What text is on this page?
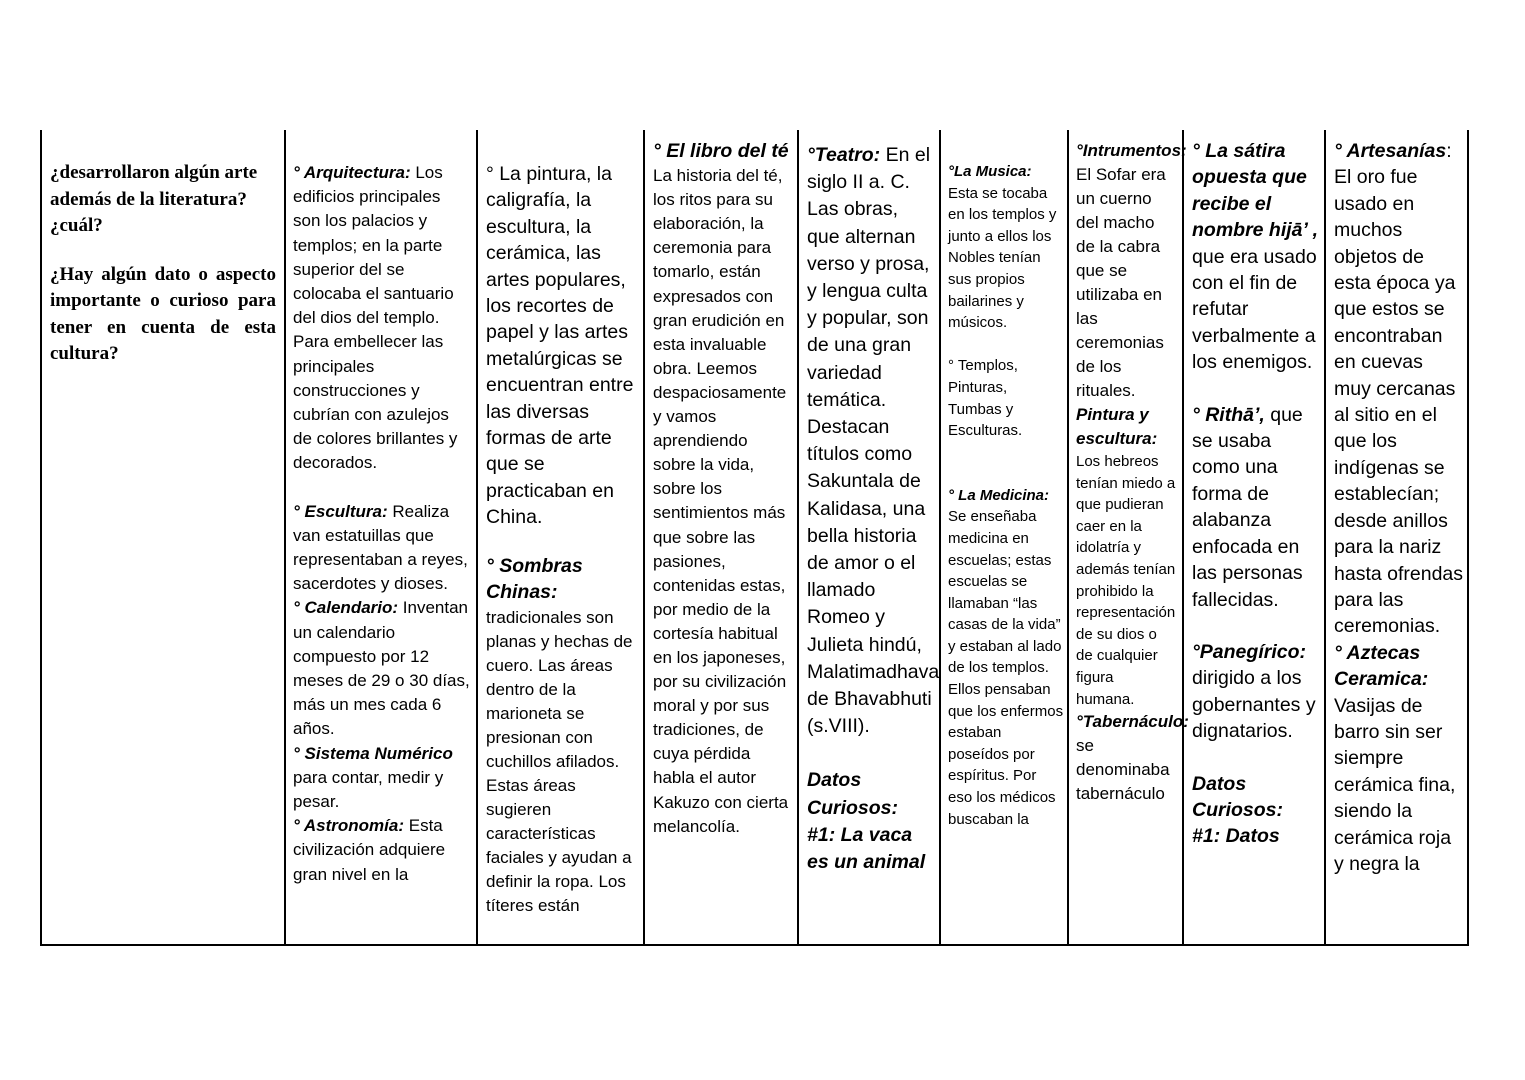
¿desarrollaron algún arte además de la literatura? ¿cuál?

¿Hay algún dato o aspecto
importante o curioso para
tener en cuenta de esta
cultura?

° Arquitectura: Los edificios principales son los palacios y templos; en la parte superior del se colocaba el santuario del dios del templo. Para embellecer las principales construcciones y cubrían con azulejos de colores brillantes y decorados.

° Escultura: Realiza van estatuillas que representaban a reyes, sacerdotes y dioses.

° Calendario: Inventan un calendario compuesto por 12 meses de 29 o 30 días, más un mes cada 6 años.

° Sistema Numérico para contar, medir y pesar.

° Astronomía: Esta civilización adquiere gran nivel en la

° La pintura, la caligrafía, la escultura, la cerámica, las artes populares, los recortes de papel y las artes metalúrgicas se encuentran entre las diversas formas de arte que se practicaban en China.

° Sombras Chinas:

tradicionales son planas y hechas de cuero. Las áreas dentro de la marioneta se presionan con cuchillos afilados. Estas áreas sugieren características faciales y ayudan a definir la ropa. Los títeres están

° El libro del té La historia del té, los ritos para su elaboración, la ceremonia para tomarlo, están expresados con gran erudición en esta invaluable obra. Leemos despaciosamente y vamos aprendiendo sobre la vida, sobre los sentimientos más que sobre las pasiones, contenidas estas, por medio de la cortesía habitual en los japoneses, por su civilización moral y por sus tradiciones, de cuya pérdida habla el autor Kakuzo con cierta melancolía.

°Teatro: En el siglo II a. C. Las obras, que alternan verso y prosa, y lengua culta y popular, son de una gran variedad temática. Destacan títulos como Sakuntala de Kalidasa, una bella historia de amor o el llamado Romeo y Julieta hindú, Malatimadhava de Bhavabhuti (s.VIII).

Datos Curiosos:

#1: La vaca es un animal

°La Musica:
Esta se tocaba en los templos y junto a ellos los Nobles tenían sus propios bailarines y músicos.

° Templos, Pinturas, Tumbas y Esculturas.

° La Medicina:
Se enseñaba medicina en escuelas; estas escuelas se llamaban “las casas de la vida” y estaban al lado de los templos. Ellos pensaban que los enfermos estaban poseídos por espíritus. Por eso los médicos buscaban la

°Intrumentos: El Sofar era un cuerno del macho de la cabra que se utilizaba en las ceremonias de los rituales.

Pintura y escultura:

Los hebreos tenían miedo a que pudieran caer en la idolatría y además tenían prohibido la representación de su dios o de cualquier figura humana.

°Tabernáculo: se denominaba tabernáculo

° La sátira opuesta que recibe el nombre hijā’ , que era usado con el fin de refutar verbalmente a los enemigos.

° Rithā’, que se usaba como una forma de alabanza enfocada en las personas fallecidas.

°Panegírico:
dirigido a los gobernantes y dignatarios.

Datos Curiosos:

#1: Datos

° Artesanías: El oro fue usado en muchos objetos de esta época ya que estos se encontraban en cuevas muy cercanas al sitio en el que los indígenas se establecían; desde anillos para la nariz hasta ofrendas para las ceremonias.

° Aztecas Ceramica:
Vasijas de barro sin ser siempre cerámica fina, siendo la cerámica roja y negra la
